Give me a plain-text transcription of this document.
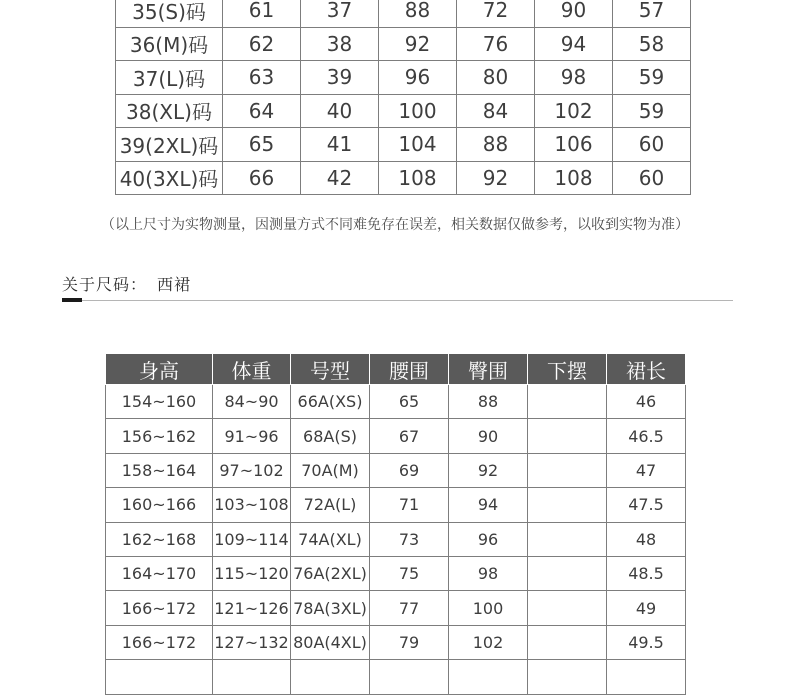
35(S)码	61	37	88	72	90	57
36(M)码	62	38	92	76	94	58
37(L)码	63	39	96	80	98	59
38(XL)码	64	40	100	84	102	59
39(2XL)码	65	41	104	88	106	60
40(3XL)码	66	42	108	92	108	60
（以上尺寸为实物测量，因测量方式不同难免存在误差，相关数据仅做参考，以收到实物为准）
关于尺码： 西裙
身高	体重	号型	腰围	臀围	下摆	裙长
154~160	84~90	66A(XS)	65	88		46
156~162	91~96	68A(S)	67	90		46.5
158~164	97~102	70A(M)	69	92		47
160~166	103~108	72A(L)	71	94		47.5
162~168	109~114	74A(XL)	73	96		48
164~170	115~120	76A(2XL)	75	98		48.5
166~172	121~126	78A(3XL)	77	100		49
166~172	127~132	80A(4XL)	79	102		49.5
